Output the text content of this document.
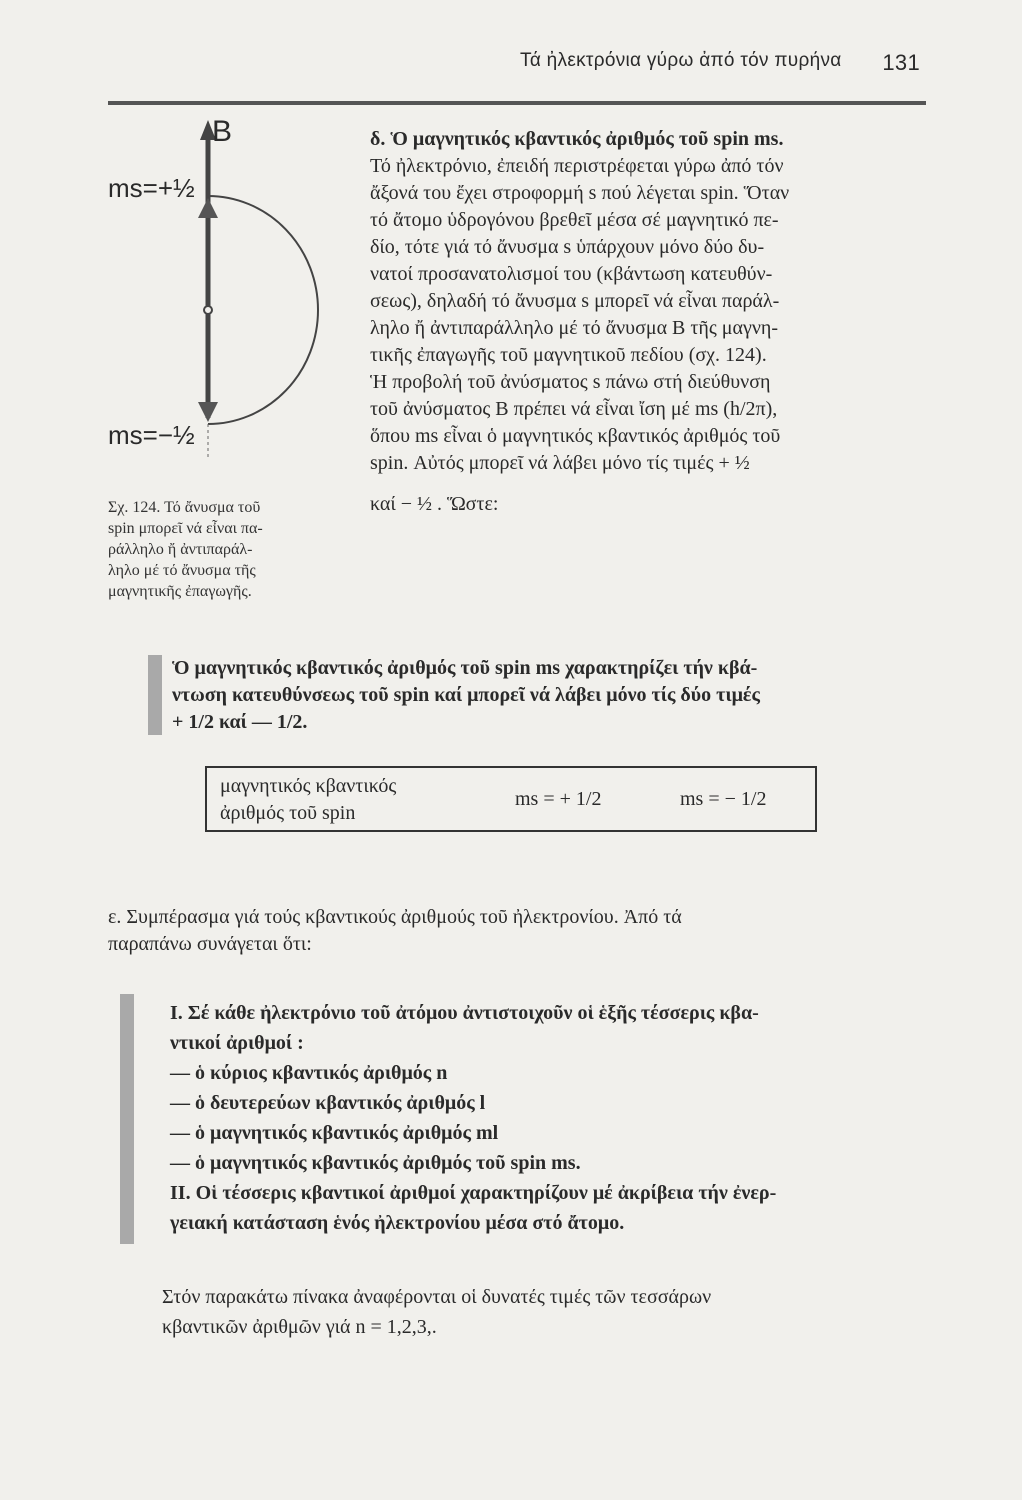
Τά ἠλεκτρόνια γύρω ἀπό τόν πυρήνα 131
B
ms=+½
ms=−½
Σχ. 124. Τό ἄνυσμα τοῦ
spin μπορεῖ νά εἶναι πα-
ράλληλο ἤ ἀντιπαράλ-
ληλο μέ τό ἄνυσμα τῆς
μαγνητικῆς ἐπαγωγῆς.
δ. Ὁ μαγνητικός κβαντικός ἀριθμός τοῦ spin ms.
Τό ἠλεκτρόνιο, ἐπειδή περιστρέφεται γύρω ἀπό τόν
ἄξονά του ἔχει στροφορμή s πού λέγεται spin. Ὅταν
τό ἄτομο ὑδρογόνου βρεθεῖ μέσα σέ μαγνητικό πε-
δίο, τότε γιά τό ἄνυσμα s ὑπάρχουν μόνο δύο δυ-
νατοί προσανατολισμοί του (κβάντωση κατευθύν-
σεως), δηλαδή τό ἄνυσμα s μπορεῖ νά εἶναι παράλ-
ληλο ἤ ἀντιπαράλληλο μέ τό ἄνυσμα B τῆς μαγνη-
τικῆς ἐπαγωγῆς τοῦ μαγνητικοῦ πεδίου (σχ. 124).
Ἡ προβολή τοῦ ἀνύσματος s πάνω στή διεύθυνση
τοῦ ἀνύσματος B πρέπει νά εἶναι ἴση μέ ms (h/2π),
ὅπου ms εἶναι ὁ μαγνητικός κβαντικός ἀριθμός τοῦ
spin. Αὐτός μπορεῖ νά λάβει μόνο τίς τιμές + ½
καί − ½ . Ὥστε:
Ὁ μαγνητικός κβαντικός ἀριθμός τοῦ spin ms χαρακτηρίζει τήν κβά-
ντωση κατευθύνσεως τοῦ spin καί μπορεῖ νά λάβει μόνο τίς δύο τιμές
+ 1/2 καί — 1/2.
μαγνητικός κβαντικός
ἀριθμός τοῦ spin
ms = + 1/2	ms = − 1/2
ε. Συμπέρασμα γιά τούς κβαντικούς ἀριθμούς τοῦ ἠλεκτρονίου. Ἀπό τά
παραπάνω συνάγεται ὅτι:
I. Σέ κάθε ἠλεκτρόνιο τοῦ ἀτόμου ἀντιστοιχοῦν οἱ ἑξῆς τέσσερις κβα-
ντικοί ἀριθμοί :
— ὁ κύριος κβαντικός ἀριθμός n
— ὁ δευτερεύων κβαντικός ἀριθμός l
— ὁ μαγνητικός κβαντικός ἀριθμός ml
— ὁ μαγνητικός κβαντικός ἀριθμός τοῦ spin ms.
II. Οἱ τέσσερις κβαντικοί ἀριθμοί χαρακτηρίζουν μέ ἀκρίβεια τήν ἐνερ-
γειακή κατάσταση ἑνός ἠλεκτρονίου μέσα στό ἄτομο.
Στόν παρακάτω πίνακα ἀναφέρονται οἱ δυνατές τιμές τῶν τεσσάρων
κβαντικῶν ἀριθμῶν γιά n = 1,2,3,.
